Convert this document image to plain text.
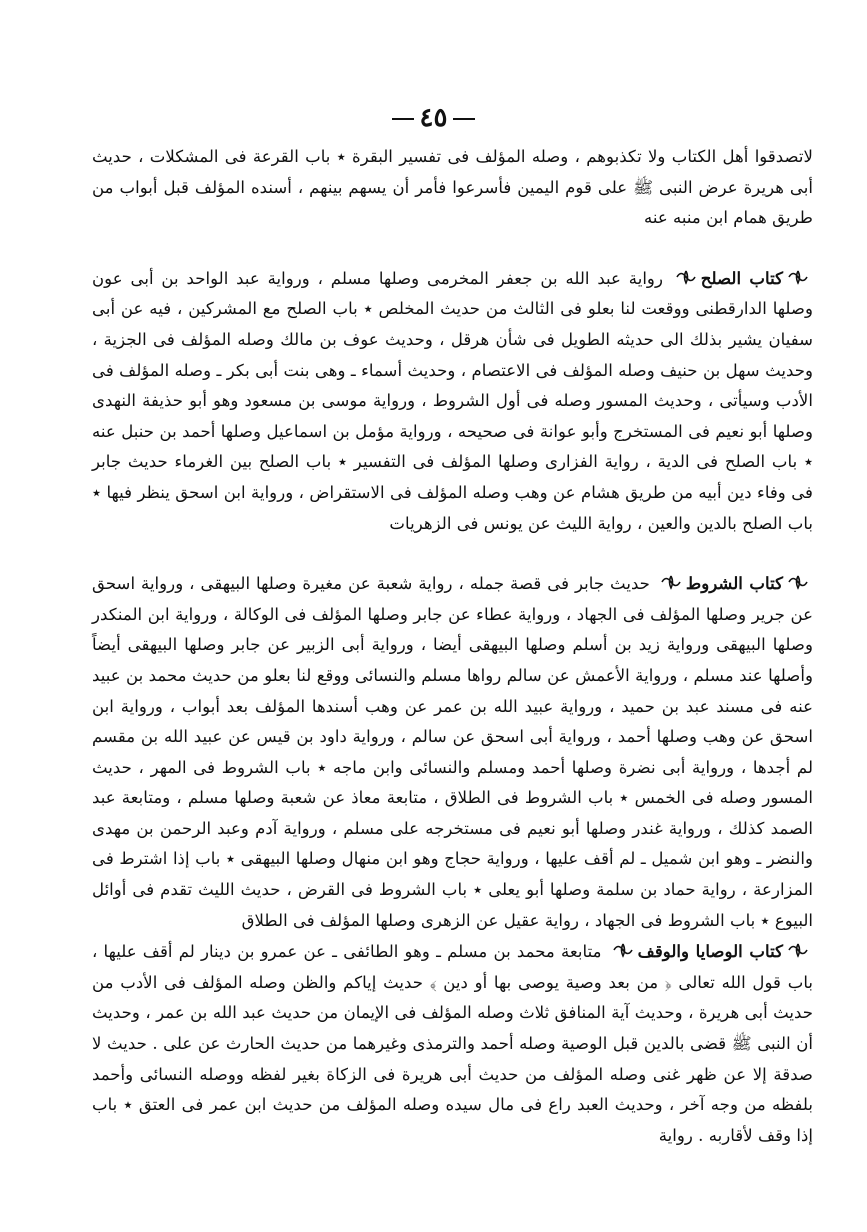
٤٥

لاتصدقوا أهل الكتاب ولا تكذبوهم ، وصله المؤلف فى تفسير البقرة ٭ باب القرعة فى المشكلات ، حديث أبى هريرة عرض النبى ﷺ على قوم اليمين فأسرعوا فأمر أن يسهم بينهم ، أسنده المؤلف قبل أبواب من طريق همام ابن منبه عنه

كتاب الصلح رواية عبد الله بن جعفر المخرمى وصلها مسلم ، ورواية عبد الواحد بن أبى عون وصلها الدارقطنى ووقعت لنا بعلو فى الثالث من حديث المخلص ٭ باب الصلح مع المشركين ، فيه عن أبى سفيان يشير بذلك الى حديثه الطويل فى شأن هرقل ، وحديث عوف بن مالك وصله المؤلف فى الجزية ، وحديث سهل بن حنيف وصله المؤلف فى الاعتصام ، وحديث أسماء ـ وهى بنت أبى بكر ـ وصله المؤلف فى الأدب وسيأتى ، وحديث المسور وصله فى أول الشروط ، ورواية موسى بن مسعود وهو أبو حذيفة النهدى وصلها أبو نعيم فى المستخرج وأبو عوانة فى صحيحه ، ورواية مؤمل بن اسماعيل وصلها أحمد بن حنبل عنه ٭ باب الصلح فى الدية ، رواية الفزارى وصلها المؤلف فى التفسير ٭ باب الصلح بين الغرماء حديث جابر فى وفاء دين أبيه من طريق هشام عن وهب وصله المؤلف فى الاستقراض ، ورواية ابن اسحق ينظر فيها ٭ باب الصلح بالدين والعين ، رواية الليث عن يونس فى الزهريات

كتاب الشروط حديث جابر فى قصة جمله ، رواية شعبة عن مغيرة وصلها البيهقى ، ورواية اسحق عن جرير وصلها المؤلف فى الجهاد ، ورواية عطاء عن جابر وصلها المؤلف فى الوكالة ، ورواية ابن المنكدر وصلها البيهقى ورواية زيد بن أسلم وصلها البيهقى أيضا ، ورواية أبى الزبير عن جابر وصلها البيهقى أيضاً وأصلها عند مسلم ، ورواية الأعمش عن سالم رواها مسلم والنسائى ووقع لنا بعلو من حديث محمد بن عبيد عنه فى مسند عبد بن حميد ، ورواية عبيد الله بن عمر عن وهب أسندها المؤلف بعد أبواب ، ورواية ابن اسحق عن وهب وصلها أحمد ، ورواية أبى اسحق عن سالم ، ورواية داود بن قيس عن عبيد الله بن مقسم لم أجدها ، ورواية أبى نضرة وصلها أحمد ومسلم والنسائى وابن ماجه ٭ باب الشروط فى المهر ، حديث المسور وصله فى الخمس ٭ باب الشروط فى الطلاق ، متابعة معاذ عن شعبة وصلها مسلم ، ومتابعة عبد الصمد كذلك ، ورواية غندر وصلها أبو نعيم فى مستخرجه على مسلم ، ورواية آدم وعبد الرحمن بن مهدى والنضر ـ وهو ابن شميل ـ لم أقف عليها ، ورواية حجاج وهو ابن منهال وصلها البيهقى ٭ باب إذا اشترط فى المزارعة ، رواية حماد بن سلمة وصلها أبو يعلى ٭ باب الشروط فى القرض ، حديث الليث تقدم فى أوائل البيوع ٭ باب الشروط فى الجهاد ، رواية عقيل عن الزهرى وصلها المؤلف فى الطلاق

كتاب الوصايا والوقف متابعة محمد بن مسلم ـ وهو الطائفى ـ عن عمرو بن دينار لم أقف عليها ، باب قول الله تعالى ﴿ من بعد وصية يوصى بها أو دين ﴾ حديث إياكم والظن وصله المؤلف فى الأدب من حديث أبى هريرة ، وحديث آية المنافق ثلاث وصله المؤلف فى الإيمان من حديث عبد الله بن عمر ، وحديث أن النبى ﷺ قضى بالدين قبل الوصية وصله أحمد والترمذى وغيرهما من حديث الحارث عن على . حديث لا صدقة إلا عن ظهر غنى وصله المؤلف من حديث أبى هريرة فى الزكاة بغير لفظه ووصله النسائى وأحمد بلفظه من وجه آخر ، وحديث العبد راع فى مال سيده وصله المؤلف من حديث ابن عمر فى العتق ٭ باب إذا وقف لأقاربه . رواية
